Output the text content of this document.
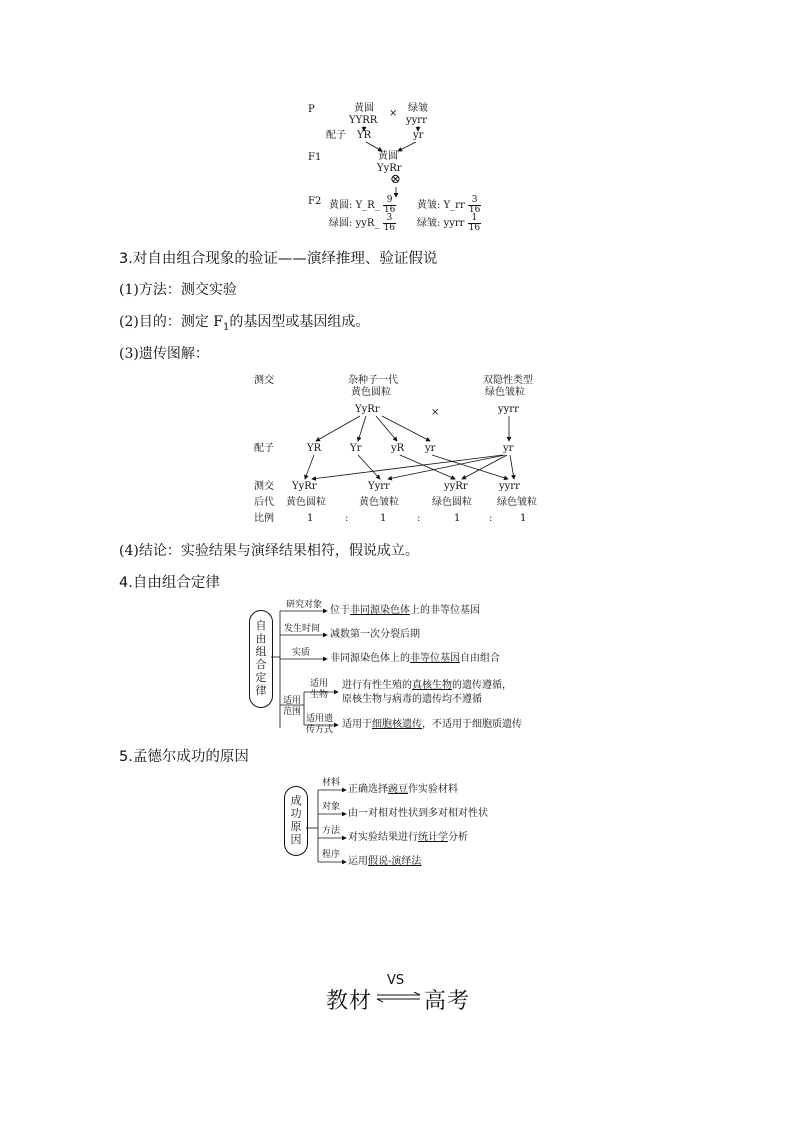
P	黄圆
YYRR
× 绿皱
yyrr
配子 YR	yr
F1	黄圆
YyRr
⊗
F2 黄圆: Y_R_ $\frac{9}{16}$ 黄皱: Y_rr $\frac{3}{16}$
绿圆: yyR_ $\frac{3}{16}$ 绿皱: yyrr $\frac{1}{16}$
3.对自由组合现象的验证——演绎推理、验证假说
(1)方法：测交实验
(2)目的：测定 $F_1$的基因型或基因组成。
(3)遗传图解：
测交	杂种子一代
黄色圆粒
YyRr	×
双隐性类型
绿色皱粒
yyrr
配子	YR	Yr	yR yr	yr
测交
后代
比例
YyRr	Yyrr	yyRr	yyrr
黄色圆粒	黄色皱粒	绿色圆粒	绿色皱粒
1	:	1	:	1	:	1
(4)结论：实验结果与演绎结果相符，假说成立。
4.自由组合定律
自
由
组
合
定
律
研究对象 位于非同源染色体上的非等位基因
发生时间 减数第一次分裂后期
实质 非同源染色体上的非等位基因自由组合
适用
范围
适用
生物
进行有性生殖的真核生物的遗传遵循，
原核生物与病毒的遗传均不遵循
适用遗
传方式 适用于细胞核遗传，不适用于细胞质遗传
5.孟德尔成功的原因
成
功
原
因
材料
正确选择豌豆作实验材料
对象
由一对相对性状到多对相对性状
方法
对实验结果进行统计学分析
程序
运用假说-演绎法
教材
VS
高考
